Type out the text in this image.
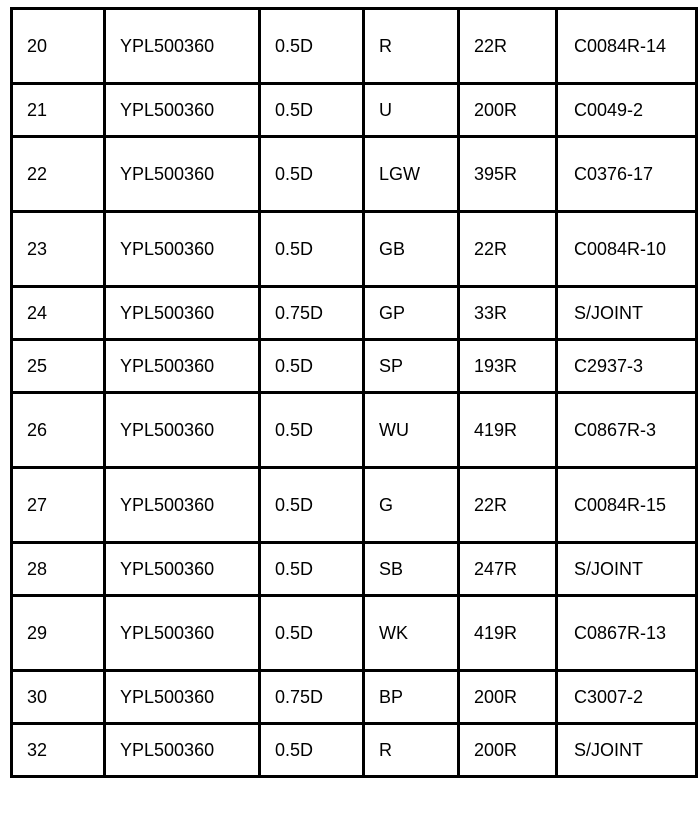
20	YPL500360	0.5D	R	22R	C0084R-14
21	YPL500360	0.5D	U	200R	C0049-2
22	YPL500360	0.5D	LGW	395R	C0376-17
23	YPL500360	0.5D	GB	22R	C0084R-10
24	YPL500360	0.75D	GP	33R	S/JOINT
25	YPL500360	0.5D	SP	193R	C2937-3
26	YPL500360	0.5D	WU	419R	C0867R-3
27	YPL500360	0.5D	G	22R	C0084R-15
28	YPL500360	0.5D	SB	247R	S/JOINT
29	YPL500360	0.5D	WK	419R	C0867R-13
30	YPL500360	0.75D	BP	200R	C3007-2
32	YPL500360	0.5D	R	200R	S/JOINT
